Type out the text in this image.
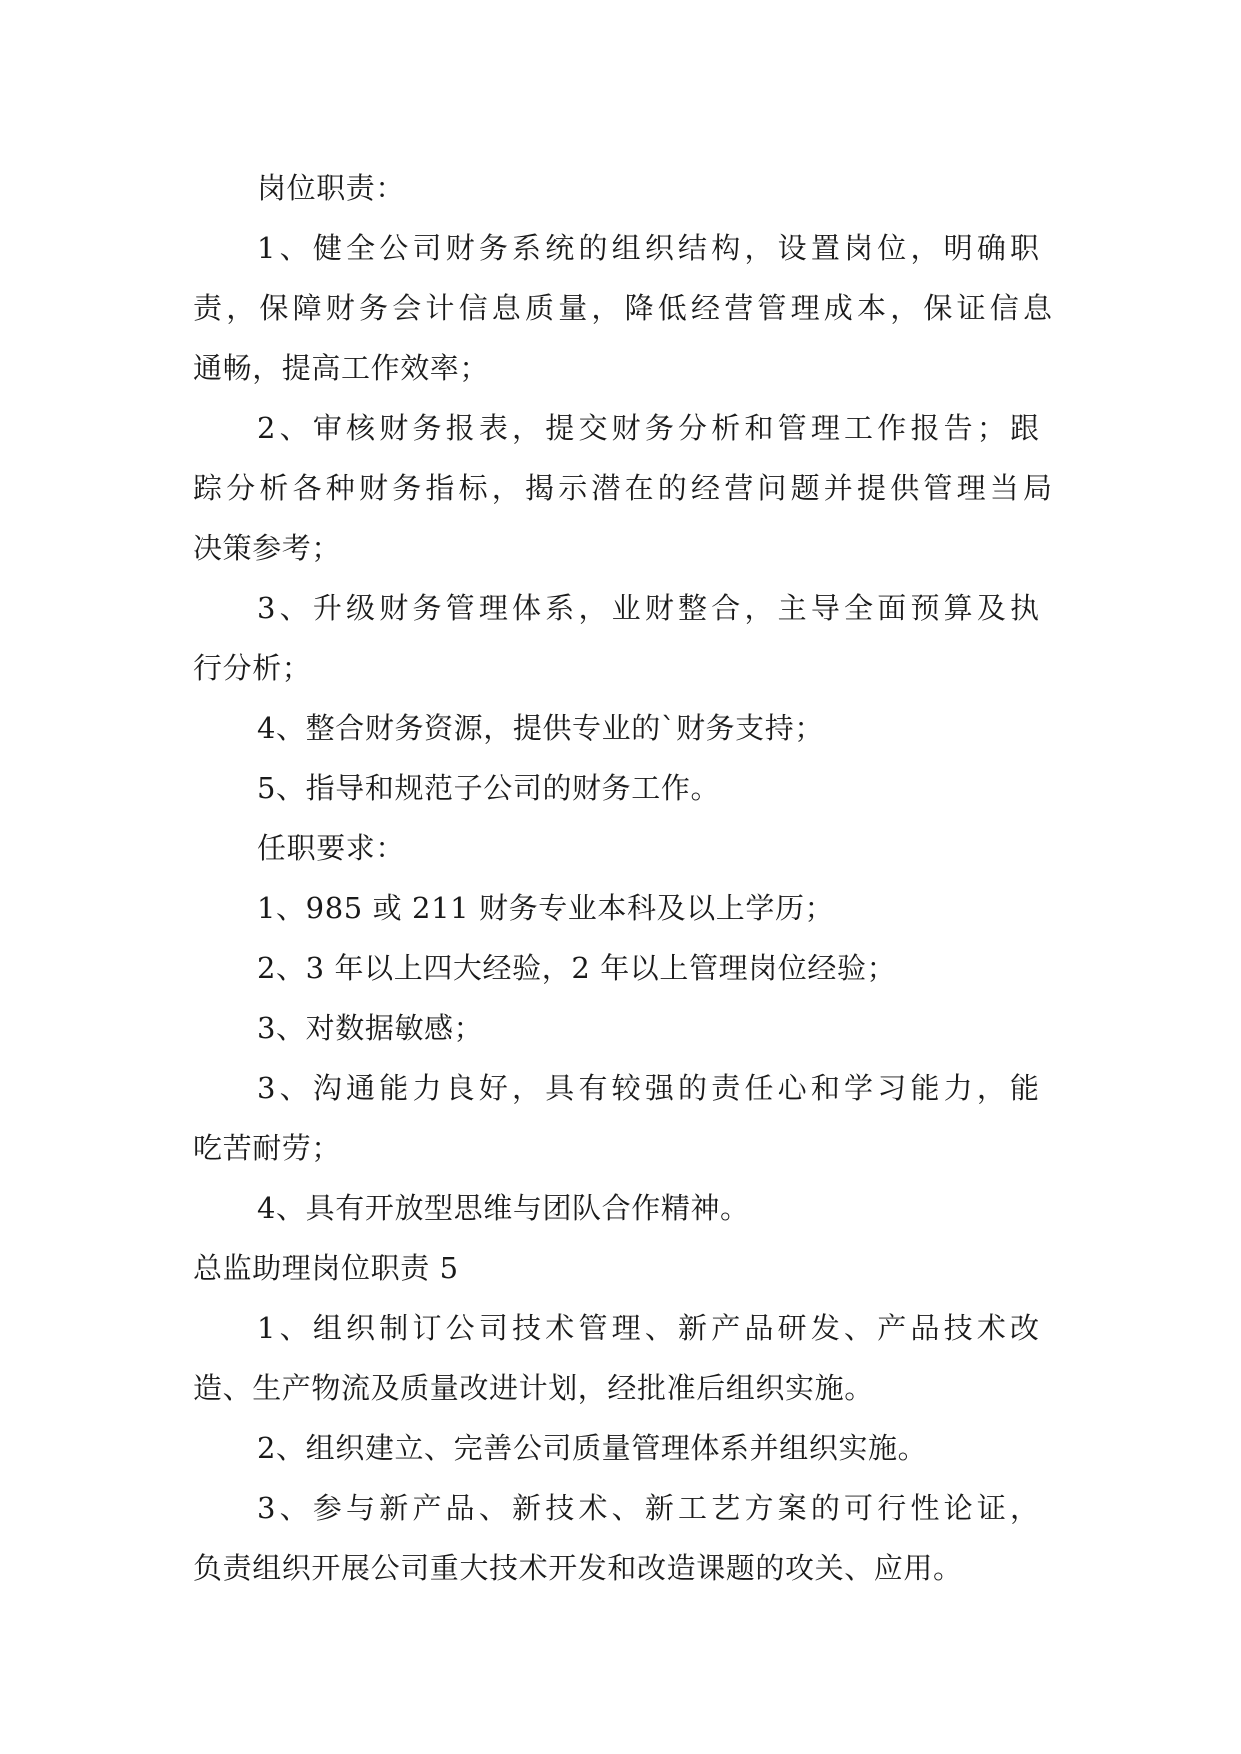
岗位职责：
1、健全公司财务系统的组织结构，设置岗位，明确职
责，保障财务会计信息质量，降低经营管理成本，保证信息
通畅，提高工作效率；
2、审核财务报表，提交财务分析和管理工作报告；跟
踪分析各种财务指标，揭示潜在的经营问题并提供管理当局
决策参考；
3、升级财务管理体系，业财整合，主导全面预算及执
行分析；
4、整合财务资源，提供专业的`财务支持；
5、指导和规范子公司的财务工作。
任职要求：
1、985 或 211 财务专业本科及以上学历；
2、3 年以上四大经验，2 年以上管理岗位经验；
3、对数据敏感；
3、沟通能力良好，具有较强的责任心和学习能力，能
吃苦耐劳；
4、具有开放型思维与团队合作精神。
总监助理岗位职责 5
1、组织制订公司技术管理、新产品研发、产品技术改
造、生产物流及质量改进计划，经批准后组织实施。
2、组织建立、完善公司质量管理体系并组织实施。
3、参与新产品、新技术、新工艺方案的可行性论证，
负责组织开展公司重大技术开发和改造课题的攻关、应用。
